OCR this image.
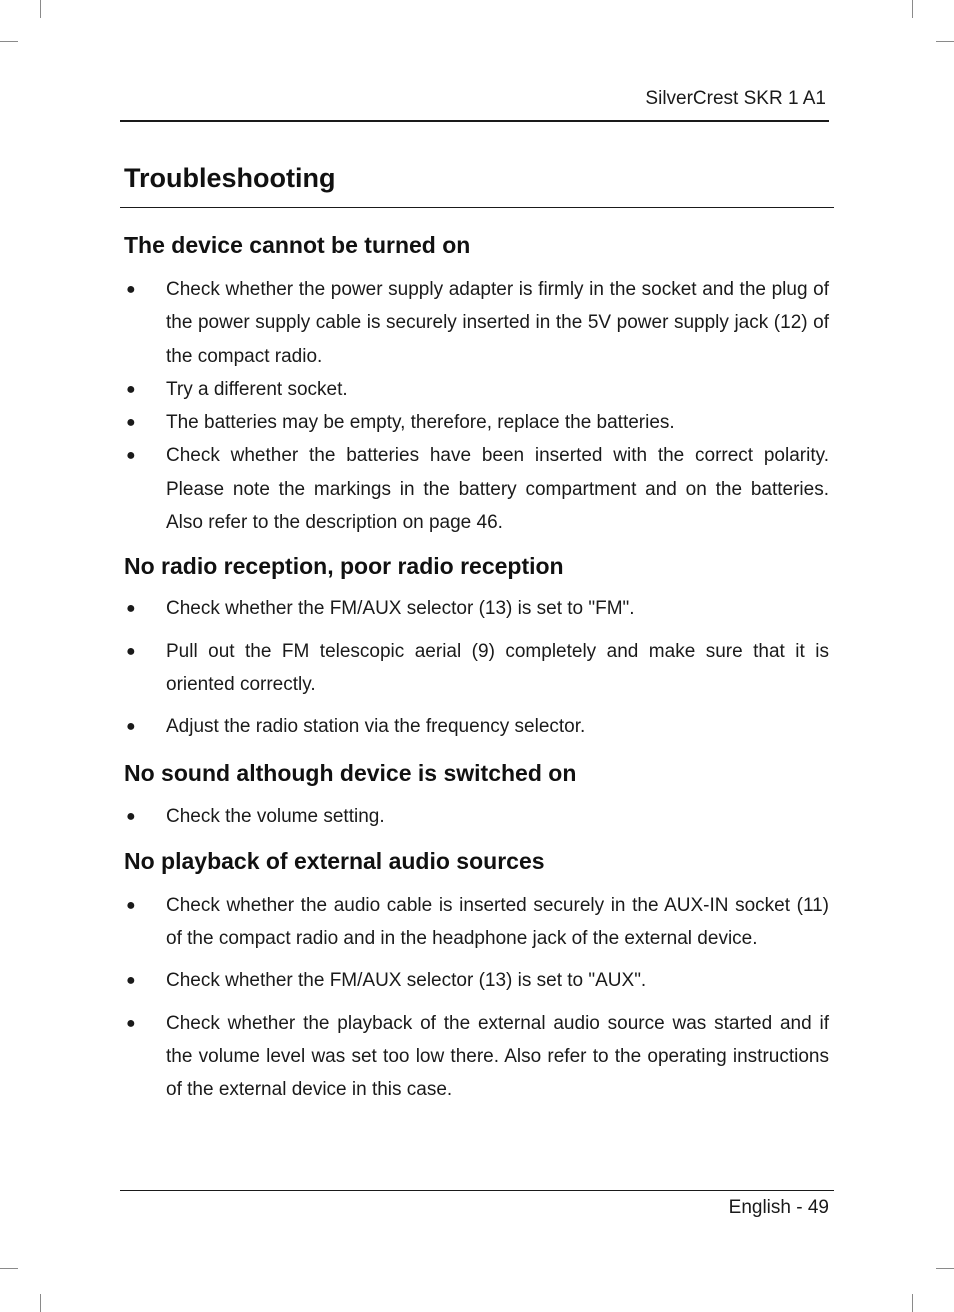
SilverCrest SKR 1 A1
Troubleshooting
The device cannot be turned on
● Check whether the power supply adapter is firmly in the socket and the plug of the power supply cable is securely inserted in the 5V power supply jack (12) of the compact radio.
● Try a different socket.
● The batteries may be empty, therefore, replace the batteries.
● Check whether the batteries have been inserted with the correct polarity. Please note the markings in the battery compartment and on the batteries. Also refer to the description on page 46.
No radio reception, poor radio reception
● Check whether the FM/AUX selector (13) is set to "FM".
● Pull out the FM telescopic aerial (9) completely and make sure that it is oriented correctly.
● Adjust the radio station via the frequency selector.
No sound although device is switched on
● Check the volume setting.
No playback of external audio sources
● Check whether the audio cable is inserted securely in the AUX-IN socket (11) of the compact radio and in the headphone jack of the external device.
● Check whether the FM/AUX selector (13) is set to "AUX".
● Check whether the playback of the external audio source was started and if the volume level was set too low there. Also refer to the operating instructions of the external device in this case.
English - 49
